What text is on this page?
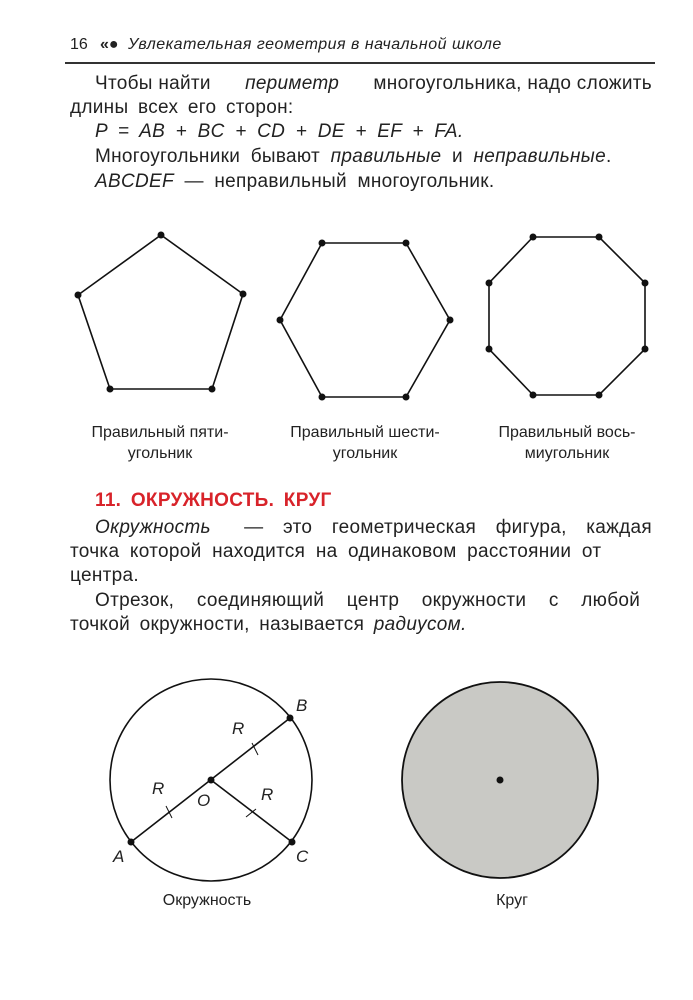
16 «● Увлекательная геометрия в начальной школе
Чтобы найти периметр многоугольника, надо сложить
длины всех его сторон:
P = AB + BC + CD + DE + EF + FA.
Многоугольники бывают правильные и неправильные.
ABCDEF — неправильный многоугольник.
B
A	C
O
R
R	R
Правильный пяти-
угольник
Правильный шести-
угольник
Правильный вось-
миугольник
11. ОКРУЖНОСТЬ. КРУГ
Окружность — это геометрическая фигура, каждая
точка которой находится на одинаковом расстоянии от
центра.
Отрезок, соединяющий центр окружности с любой
точкой окружности, называется радиусом.
Окружность	Круг
